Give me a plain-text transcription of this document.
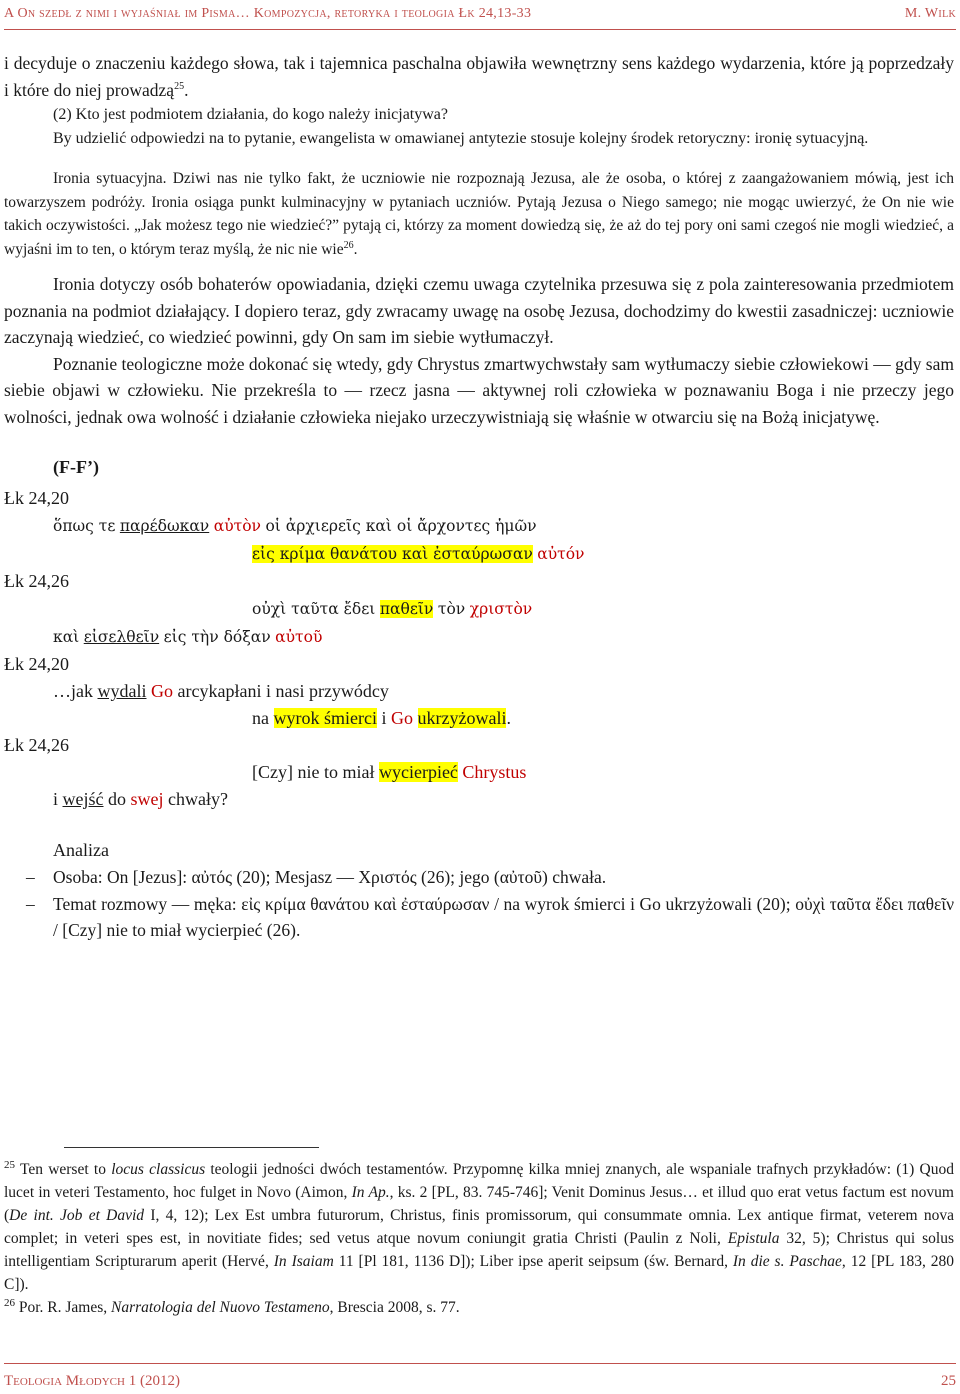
A On szedł z nimi i wyjaśniał im Pisma… Kompozycja, retoryka i teologia Łk 24,13-33	M. Wilk

i decyduje o znaczeniu każdego słowa, tak i tajemnica paschalna objawiła wewnętrzny sens każdego wydarzenia, które ją poprzedzały i które do niej prowadzą$^{25}$.

(2) Kto jest podmiotem działania, do kogo należy inicjatywa?

By udzielić odpowiedzi na to pytanie, ewangelista w omawianej antytezie stosuje kolejny środek retoryczny: ironię sytuacyjną.

Ironia sytuacyjna. Dziwi nas nie tylko fakt, że uczniowie nie rozpoznają Jezusa, ale że osoba, o której z zaangażowaniem mówią, jest ich towarzyszem podróży. Ironia osiąga punkt kulminacyjny w pytaniach uczniów. Pytają Jezusa o Niego samego; nie mogąc uwierzyć, że On nie wie takich oczywistości. „Jak możesz tego nie wiedzieć?” pytają ci, którzy za moment dowiedzą się, że aż do tej pory oni sami czegoś nie mogli wiedzieć, a wyjaśni im to ten, o którym teraz myślą, że nic nie wie$^{26}$.

Ironia dotyczy osób bohaterów opowiadania, dzięki czemu uwaga czytelnika przesuwa się z pola zainteresowania przedmiotem poznania na podmiot działający. I dopiero teraz, gdy zwracamy uwagę na osobę Jezusa, dochodzimy do kwestii zasadniczej: uczniowie zaczynają wiedzieć, co wiedzieć powinni, gdy On sam im siebie wytłumaczył.

Poznanie teologiczne może dokonać się wtedy, gdy Chrystus zmartwychwstały sam wytłumaczy siebie człowiekowi — gdy sam siebie objawi w człowieku. Nie przekreśla to — rzecz jasna — aktywnej roli człowieka w poznawaniu Boga i nie przeczy jego wolności, jednak owa wolność i działanie człowieka niejako urzeczywistniają się właśnie w otwarciu się na Bożą inicjatywę.

(F-F’)
Łk 24,20
ὅπως τε παρέδωκαν αὐτὸν οἱ ἀρχιερεῖς καὶ οἱ ἄρχοντες ἡμῶν
εἰς κρίμα θανάτου καὶ ἐσταύρωσαν αὐτόν
Łk 24,26
οὐχὶ ταῦτα ἔδει παθεῖν τὸν χριστὸν
καὶ εἰσελθεῖν εἰς τὴν δόξαν αὐτοῦ
Łk 24,20
…jak wydali Go arcykapłani i nasi przywódcy
na wyrok śmierci i Go ukrzyżowali.
Łk 24,26
[Czy] nie to miał wycierpieć Chrystus
i wejść do swej chwały?
Analiza
–	Osoba: On [Jezus]: αὐτός (20); Mesjasz — Χριστός (26); jego (αὐτοῦ) chwała.
–	Temat rozmowy — męka: εἰς κρίμα θανάτου καὶ ἐσταύρωσαν / na wyrok śmierci i Go ukrzyżowali (20); οὐχὶ ταῦτα ἔδει παθεῖν / [Czy] nie to miał wycierpieć (26).

$^{25}$ Ten werset to locus classicus teologii jedności dwóch testamentów. Przypomnę kilka mniej znanych, ale wspaniale trafnych przykładów: (1) Quod lucet in veteri Testamento, hoc fulget in Novo (Aimon, In Ap., ks. 2 [PL, 83. 745-746]; Venit Dominus Jesus… et illud quo erat vetus factum est novum (De int. Job et David I, 4, 12); Lex Est umbra futurorum, Christus, finis promissorum, qui consummate omnia. Lex antique firmat, veterem nova complet; in veteri spes est, in novitiate fides; sed vetus atque novum coniungit gratia Christi (Paulin z Noli, Epistula 32, 5); Christus qui solus intelligentiam Scripturarum aperit (Hervé, In Isaiam 11 [Pl 181, 1136 D]); Liber ipse aperit seipsum (św. Bernard, In die s. Paschae, 12 [PL 183, 280 C]).

$^{26}$ Por. R. James, Narratologia del Nuovo Testameno, Brescia 2008, s. 77.

Teologia Młodych 1 (2012)	25
